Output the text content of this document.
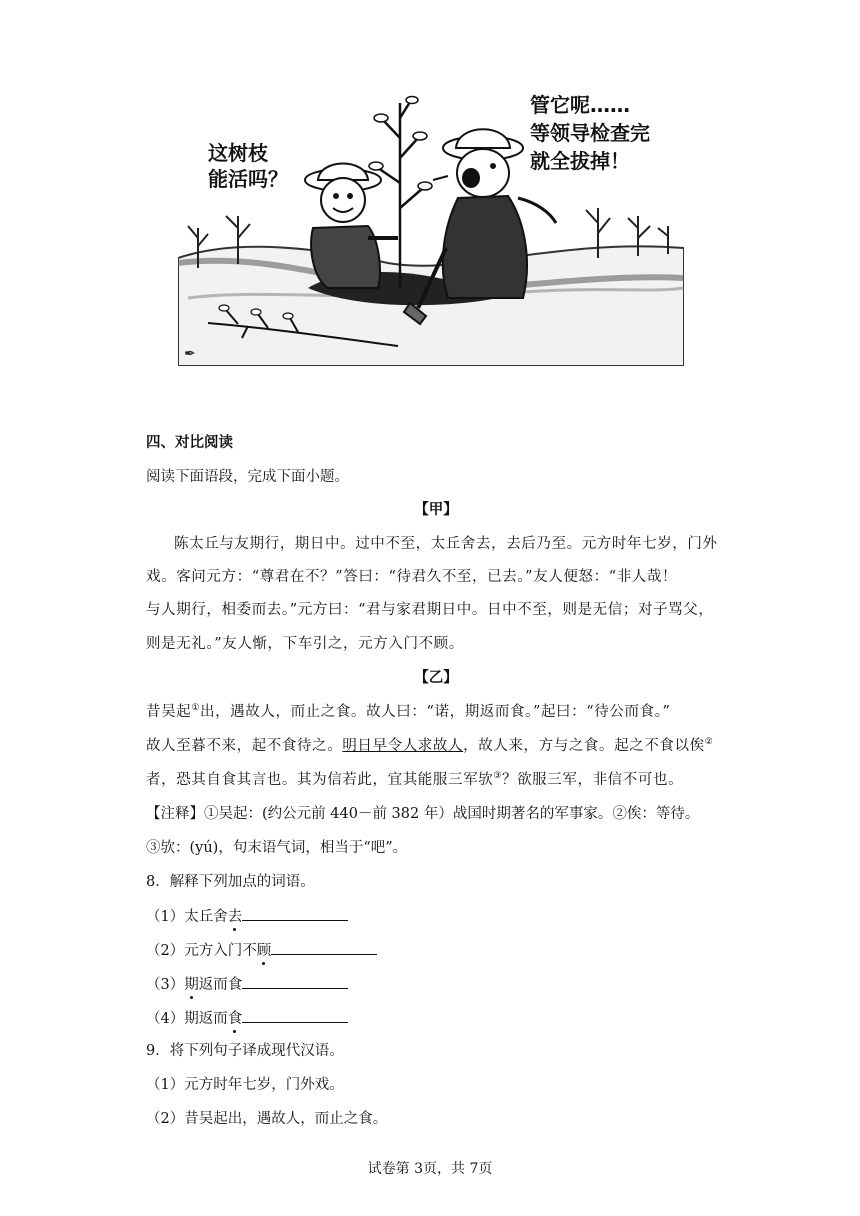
✒
这树枝
能活吗？
管它呢……
等领导检查完
就全拔掉！
四、对比阅读
阅读下面语段，完成下面小题。
【甲】
陈太丘与友期行，期日中。过中不至，太丘舍去，去后乃至。元方时年七岁，门外
戏。客问元方：“尊君在不？”答曰：“待君久不至，已去。”友人便怒：“非人哉！
与人期行，相委而去。”元方曰：“君与家君期日中。日中不至，则是无信；对子骂父，
则是无礼。”友人惭，下车引之，元方入门不顾。
【乙】
昔吴起①出，遇故人，而止之食。故人曰：“诺，期返而食。”起曰：“待公而食。”
故人至暮不来，起不食待之。明日早令人求故人，故人来，方与之食。起之不食以俟②
者，恐其自食其言也。其为信若此，宜其能服三军欤③？欲服三军，非信不可也。
【注释】①吴起：(约公元前 440－前 382 年）战国时期著名的军事家。②俟：等待。
③欤：(yú)，句末语气词，相当于“吧”。
8．解释下列加点的词语。
（1）太丘舍去
（2）元方入门不顾
（3）期返而食
（4）期返而食
9．将下列句子译成现代汉语。
（1）元方时年七岁，门外戏。
（2）昔吴起出，遇故人，而止之食。
试卷第 3页，共 7页
